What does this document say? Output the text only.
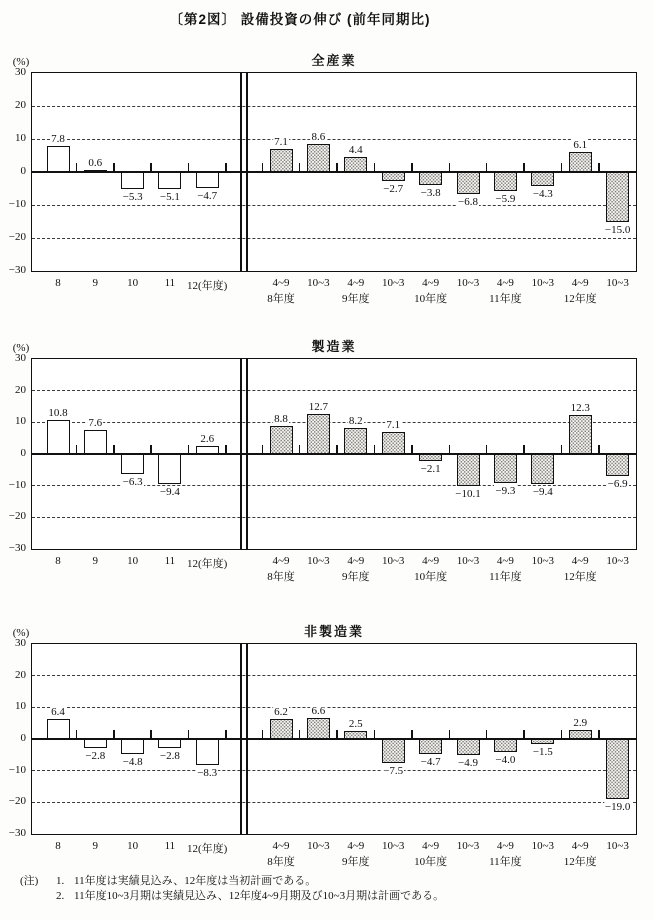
〔第2図〕 設備投資の伸び (前年同期比)
全産業
(%)
30
20
10
0
−10
−20
−30
7.8
8
0.6
9
−5.3
10
−5.1
11
−4.7
12(年度)
7.1
4~9
8年度
8.6
10~3
4.4
4~9
9年度
−2.7
10~3
−3.8
4~9
10年度
−6.8
10~3
−5.9
4~9
11年度
−4.3
10~3
6.1
4~9
12年度
−15.0
10~3
製造業
(%)
30
20
10
0
−10
−20
−30
10.8
8
7.6
9
−6.3
10
−9.4
11
2.6
12(年度)
8.8
4~9
8年度
12.7
10~3
8.2
4~9
9年度
7.1
10~3
−2.1
4~9
10年度
−10.1
10~3
−9.3
4~9
11年度
−9.4
10~3
12.3
4~9
12年度
−6.9
10~3
非製造業
(%)
30
20
10
0
−10
−20
−30
6.4
8
−2.8
9
−4.8
10
−2.8
11
−8.3
12(年度)
6.2
4~9
8年度
6.6
10~3
2.5
4~9
9年度
−7.5
10~3
−4.7
4~9
10年度
−4.9
10~3
−4.0
4~9
11年度
−1.5
10~3
2.9
4~9
12年度
−19.0
10~3
(注)	1. 11年度は実績見込み、12年度は当初計画である。
2. 11年度10~3月期は実績見込み、12年度4~9月期及び10~3月期は計画である。
